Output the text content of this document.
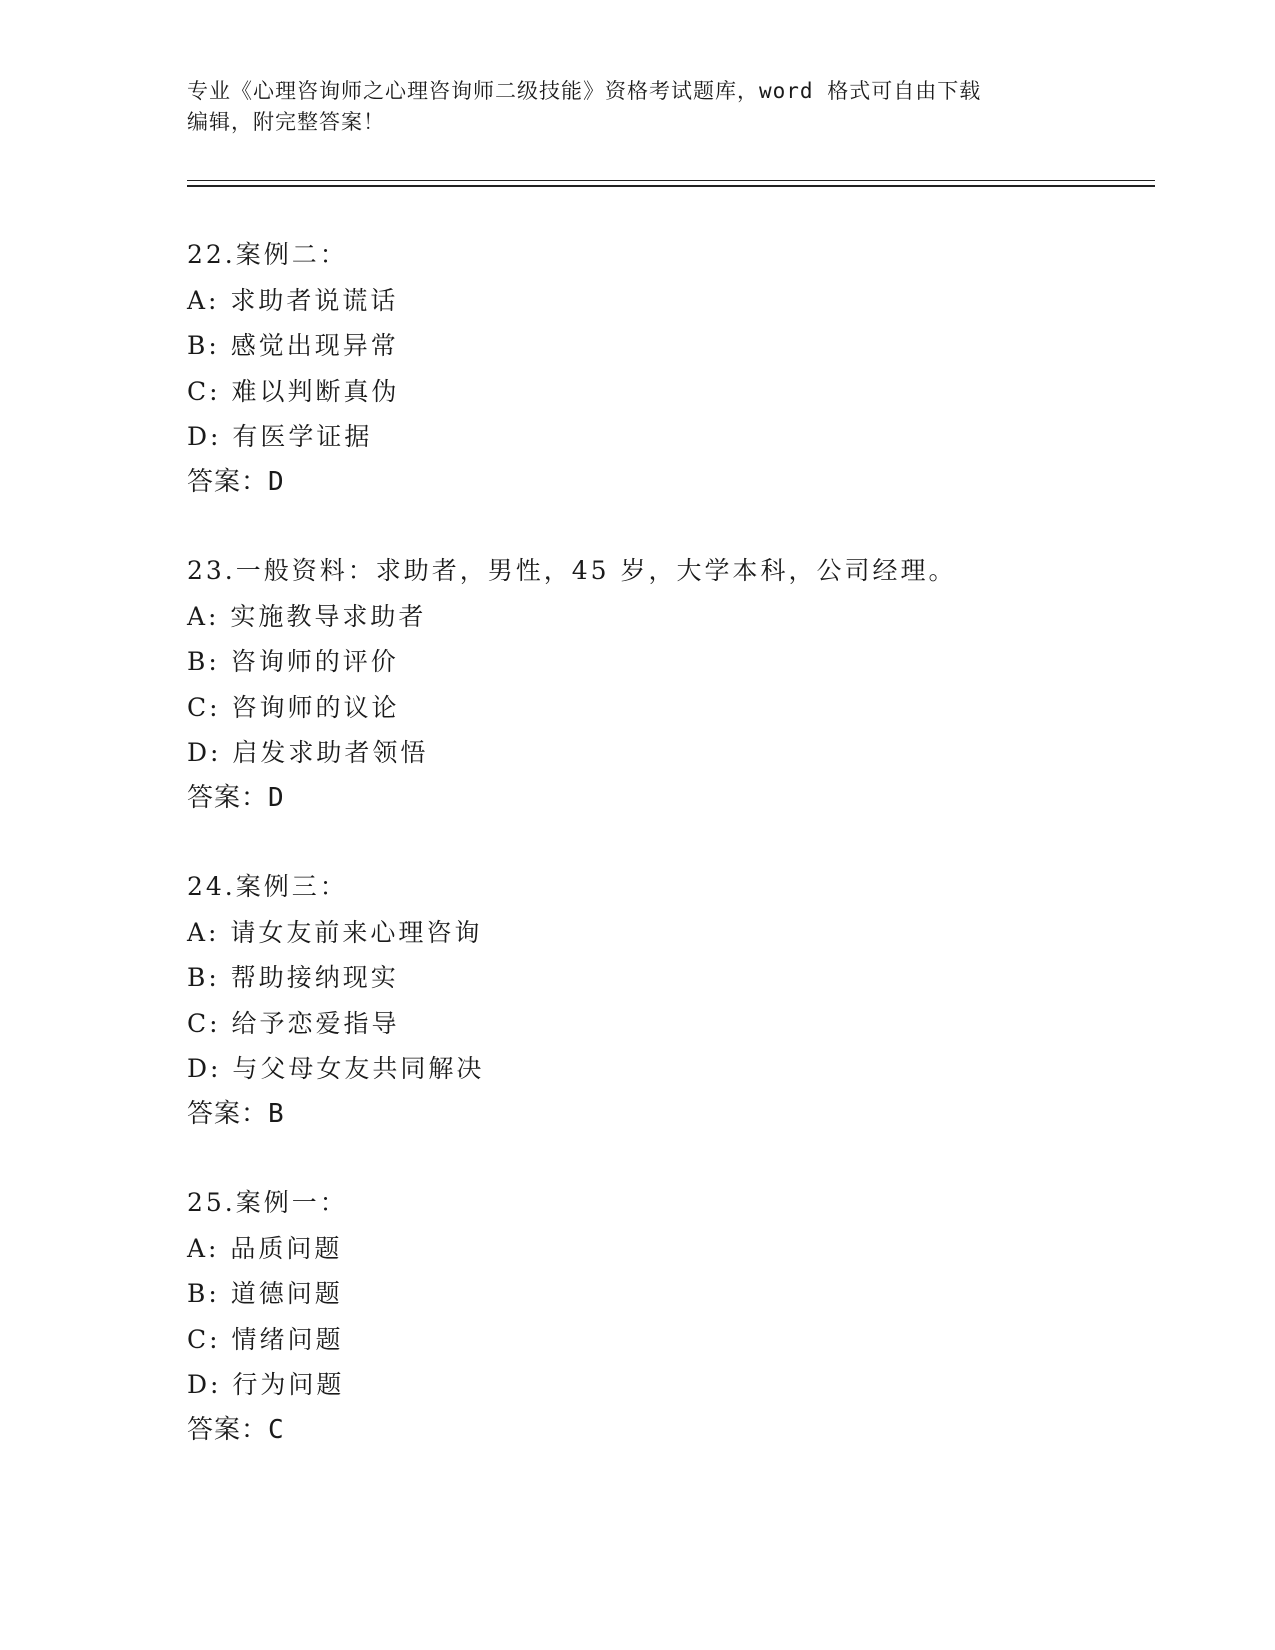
专业《心理咨询师之心理咨询师二级技能》资格考试题库，word 格式可自由下载
编辑，附完整答案！
22.案例二：
A: 求助者说谎话
B: 感觉出现异常
C: 难以判断真伪
D: 有医学证据
答案：D
23.一般资料：求助者，男性，45 岁，大学本科，公司经理。
A: 实施教导求助者
B: 咨询师的评价
C: 咨询师的议论
D: 启发求助者领悟
答案：D
24.案例三：
A: 请女友前来心理咨询
B: 帮助接纳现实
C: 给予恋爱指导
D: 与父母女友共同解决
答案：B
25.案例一：
A: 品质问题
B: 道德问题
C: 情绪问题
D: 行为问题
答案：C
